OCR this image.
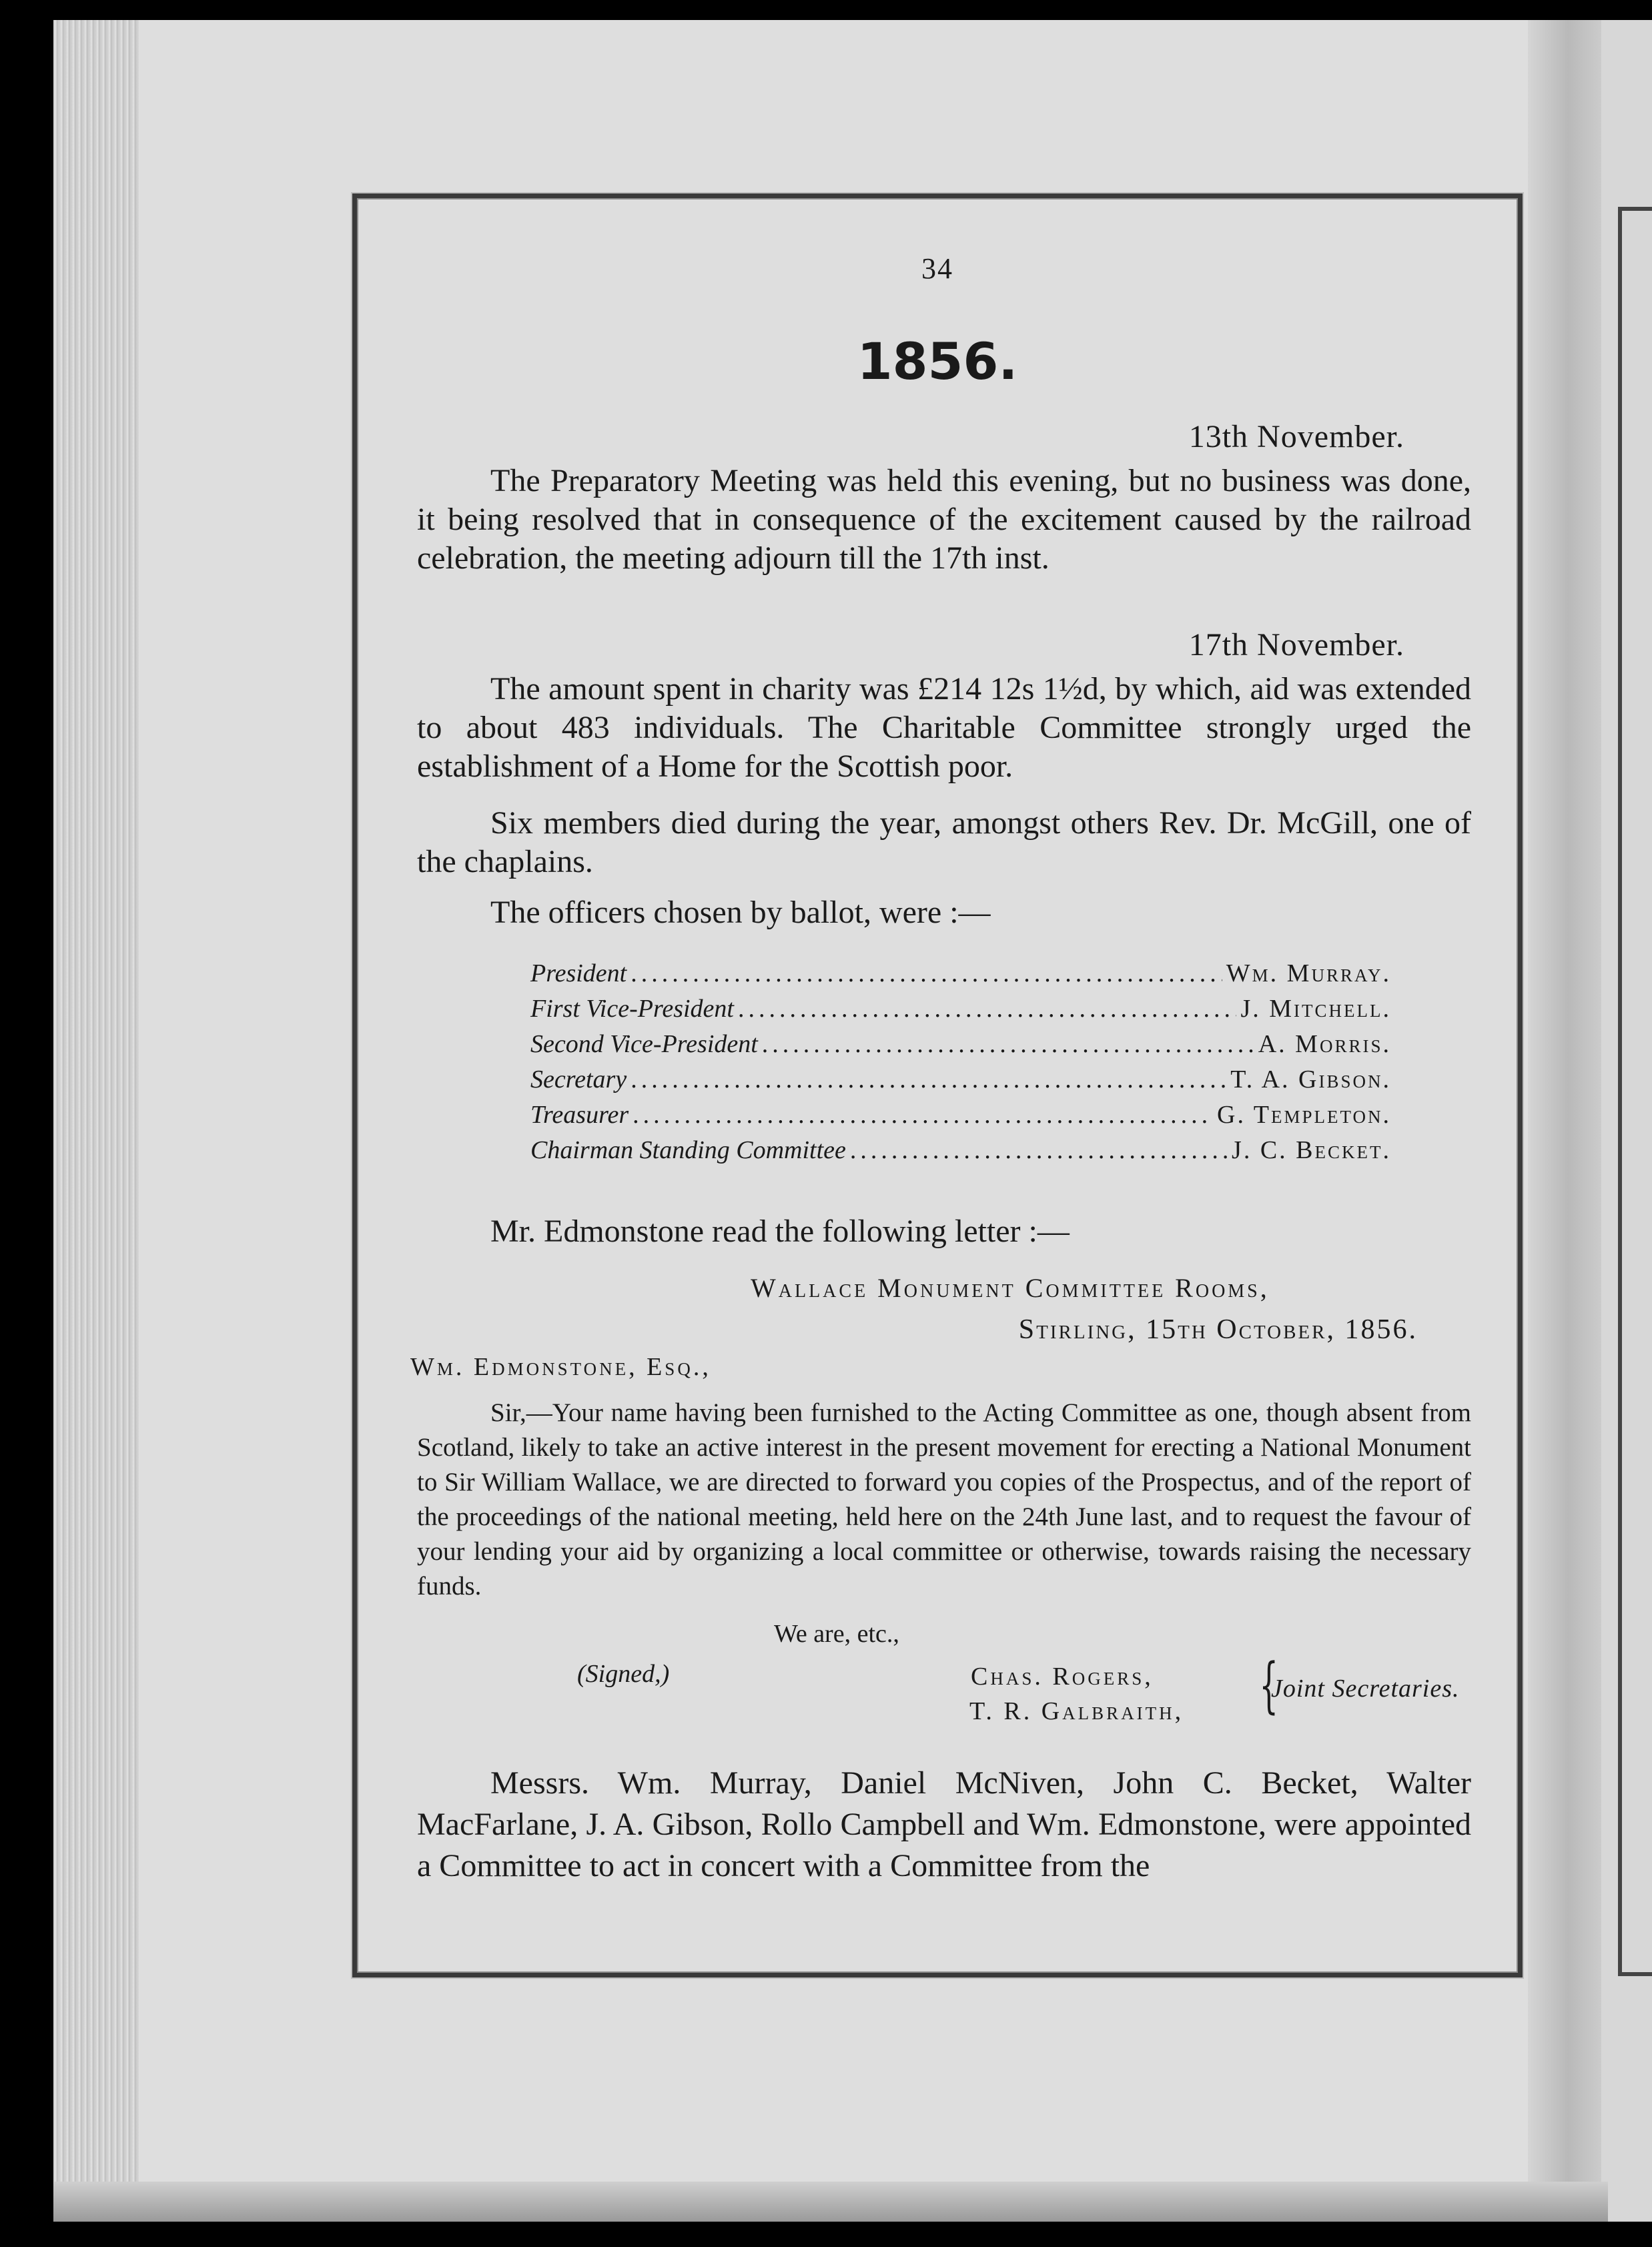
34
1856.
13th November.

The Preparatory Meeting was held this evening, but no business was done, it being resolved that in consequence of the excitement caused by the railroad celebration, the meeting adjourn till the 17th inst.

17th November.

The amount spent in charity was £214 12s 1½d, by which, aid was extended to about 483 individuals. The Charitable Committee strongly urged the establishment of a Home for the Scottish poor.

Six members died during the year, amongst others Rev. Dr. McGill, one of the chaplains.

The officers chosen by ballot, were :—

President .....	Wm. Murray.
First Vice-President .....	J. Mitchell.
Second Vice-President .....	A. Morris.
Secretary .....	T. A. Gibson.
Treasurer .....	G. Templeton.
Chairman Standing Committee .....	J. C. Becket.

Mr. Edmonstone read the following letter :—

Wallace Monument Committee Rooms,
Stirling, 15th October, 1856.
Wm. Edmonstone, Esq.,

Sir,—Your name having been furnished to the Acting Committee as one, though absent from Scotland, likely to take an active interest in the present movement for erecting a National Monument to Sir William Wallace, we are directed to forward you copies of the Prospectus, and of the report of the proceedings of the national meeting, held here on the 24th June last, and to request the favour of your lending your aid by organizing a local committee or otherwise, towards raising the necessary funds.

We are, etc.,
(Signed,)	Chas. Rogers,
T. R. Galbraith, {
Joint Secretaries.

Messrs. Wm. Murray, Daniel McNiven, John C. Becket, Walter MacFarlane, J. A. Gibson, Rollo Campbell and Wm. Edmonstone, were appointed a Committee to act in concert with a Committee from the
